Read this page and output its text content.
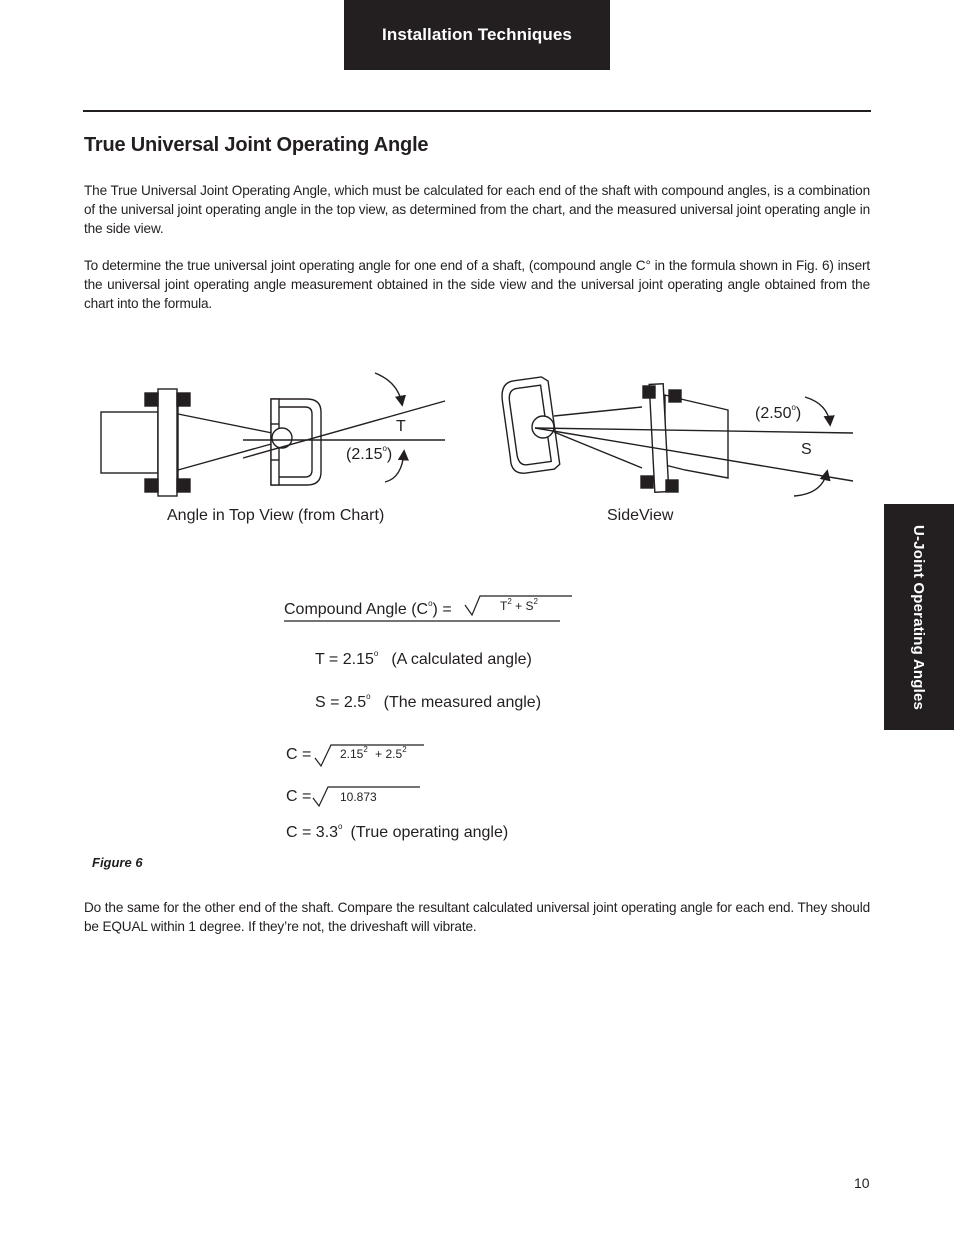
Installation Techniques
True Universal Joint Operating Angle

The True Universal Joint Operating Angle, which must be calculated for each end of the shaft with compound angles, is a combination of the universal joint operating angle in the top view, as determined from the chart, and the measured universal joint operating angle in the side view.

To determine the true universal joint operating angle for one end of a shaft, (compound angle C° in the formula shown in Fig. 6) insert the universal joint operating angle measurement obtained in the side view and the universal joint operating angle obtained from the chart into the formula.

T
(2.15$^o$)
Angle in Top View (from Chart)
(2.50$^o$)
S
SideView
Compound Angle $(C^o)$ =	$T^2 + S^2$
$T = 2.15^o$ (A calculated angle)
$S = 2.5^o$ (The measured angle)
$C = 2.15^2 + 2.5^2$
C = 10.873
$C = 3.3^o$ (True operating angle)
Figure 6

Do the same for the other end of the shaft. Compare the resultant calculated universal joint operating angle for each end. They should be EQUAL within 1 degree. If they’re not, the driveshaft will vibrate.

U-Joint Operating Angles
10
